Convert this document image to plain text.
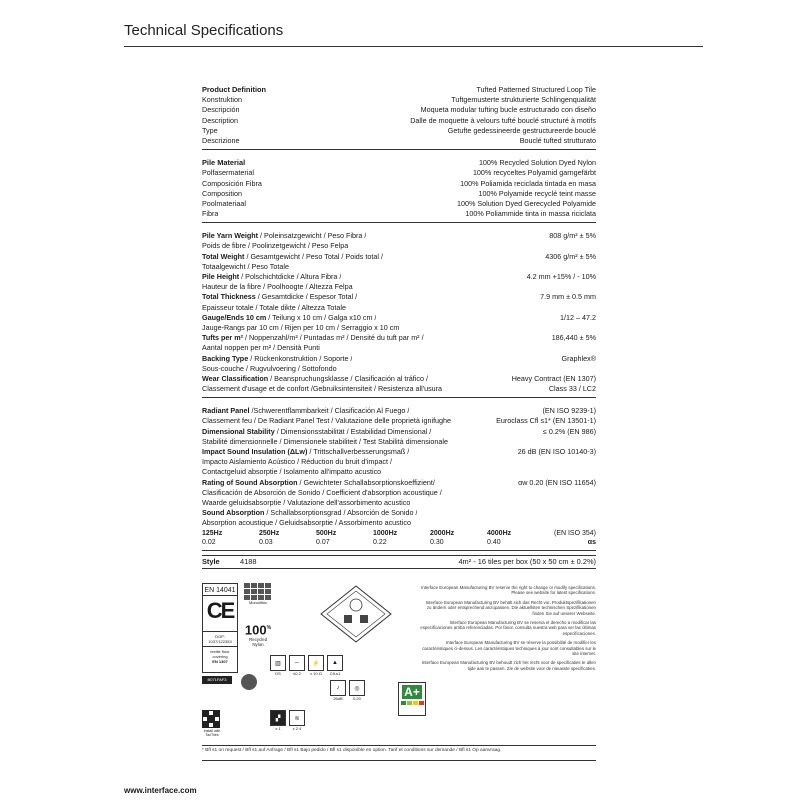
Technical Specifications
Product Definition	Tufted Patterned Structured Loop Tile
Konstruktion	Tuftgemusterte strukturierte Schlingenqualität
Descripción	Moqueta modular tufting bucle estructurado con diseño
Description	Dalle de moquette à velours tufté bouclé structuré à motifs
Type	Getufte gedessineerde gestructureerde bouclé
Descrizione	Bouclé tufted strutturato
Pile Material	100% Recycled Solution Dyed Nylon
Polfasermaterial	100% recyceltes Polyamid garngefärbt
Composición Fibra	100% Poliamida reciclada tintada en masa
Composition	100% Polyamide recyclé teint masse
Poolmateriaal	100% Solution Dyed Gerecycled Polyamide
Fibra	100% Poliammide tinta in massa riciclata
Pile Yarn Weight / Poleinsatzgewicht / Peso Fibra /	808 g/m² ± 5%
Poids de fibre / Poolinzetgewicht / Peso Felpa
Total Weight / Gesamtgewicht / Peso Total / Poids total /	4306 g/m² ± 5%
Totaalgewicht / Peso Totale
Pile Height / Polschichtdicke / Altura Fibra /	4.2 mm +15% / - 10%
Hauteur de la fibre / Poolhoogte / Altezza Felpa
Total Thickness / Gesamtdicke / Espesor Total /	7.9 mm ± 0.5 mm
Epaisseur totale / Totale dikte / Altezza Totale
Gauge/Ends 10 cm / Teilung x 10 cm / Galga x10 cm /	1/12 – 47.2
Jauge-Rangs par 10 cm / Rijen per 10 cm / Serraggio x 10 cm
Tufts per m² / Noppenzahl/m² / Puntadas m² / Densité du tuft par m² /	186,440 ± 5%
Aantal noppen per m² / Densità Punti
Backing Type / Rückenkonstruktion / Soporte /	Graphlex®
Sous-couche / Rugvulvoering / Sottofondo
Wear Classification / Beanspruchungsklasse / Clasificación al tráfico /	Heavy Contract (EN 1307)
Classement d'usage et de confort /Gebruiksintensiteit / Resistenza all'usura	Class 33 / LC2
Radiant Panel /Schwerentflammbarkeit / Clasificación Al Fuego /	(EN ISO 9239-1)
Classement feu / De Radiant Panel Test / Valutazione delle proprietà ignifughe	Euroclass Cfl s1* (EN 13501-1)
Dimensional Stability / Dimensionsstabilität / Estabilidad Dimensional /	≤ 0.2% (EN 986)
Stabilité dimensionnelle / Dimensionele stabiliteit / Test Stabilità dimensionale
Impact Sound Insulation (ΔLw) / Trittschallverbesserungsmaß /	26 dB (EN ISO 10140-3)
Impacto Aislamiento Acústico / Réduction du bruit d'impact /
Contactgeluid absorptie / Isolamento all'impatto acustico
Rating of Sound Absorption / Gewichteter Schallabsorptionskoeffizient/	αw 0.20 (EN ISO 11654)
Clasificación de Absorción de Sonido / Coefficient d'absorption acoustique /
Waarde geluidsabsorptie / Valutazione dell'assorbimento acustico
Sound Absorption / Schallabsorptionsgrad / Absorción de Sonido /
Absorption acoustique / Geluidsabsorptie / Assorbimento acustico
125Hz	250Hz	500Hz	1000Hz	2000Hz	4000Hz	(EN ISO 354)
0.02	0.03	0.07	0.22	0.30	0.40	αs
Style	4188	4m² - 16 tiles per box (50 x 50 cm ± 0.2%)
EN 14041
CE
DOP: 1037/122353
textile floor covering
EN 1307
Monolithic
100%
Recycled
Nylon
B071FAF3
▥
DS
⇔
≤0.2
⚡
x 10 Ω
▲
Cfl-s1
♪
26dB
◎
0.20
▞
x 1
≋
x 2.4
A+
Install with TacTiles

Interface European Manufacturing BV reserve the right to change or modify specifications. Please see website for latest specifications.

Interface European Manufacturing BV behält sich das Recht vor, Produktspezifikationen zu ändern oder entsprechend anzupassen. Die aktuellsten technischen Spezifikationen finden Sie auf unserer Webseite.

Interface European Manufacturing BV se reserva el derecho a modificar las especificaciones arriba referenciadas. Por favor, consulta nuestra web para ver las últimas especificaciones.

Interface European Manufacturing BV se réserve la possibilité de modifier les caractéristiques ci-dessus. Les caractéristiques techniques à jour sont consultables sur le site internet.

Interface European Manufacturing BV behoudt zich het recht voor de specificaties te allen tijde aan te passen. Zie de website voor de nieuwste specificaties.

* Bfl s1 on request / Bfl s1 auf Anfrage / Bfl s1 Bajo pedido / Bfl s1 disponible en option. Tarif et conditions sur demande / Bfl s1 Op aanvraag.
www.interface.com
